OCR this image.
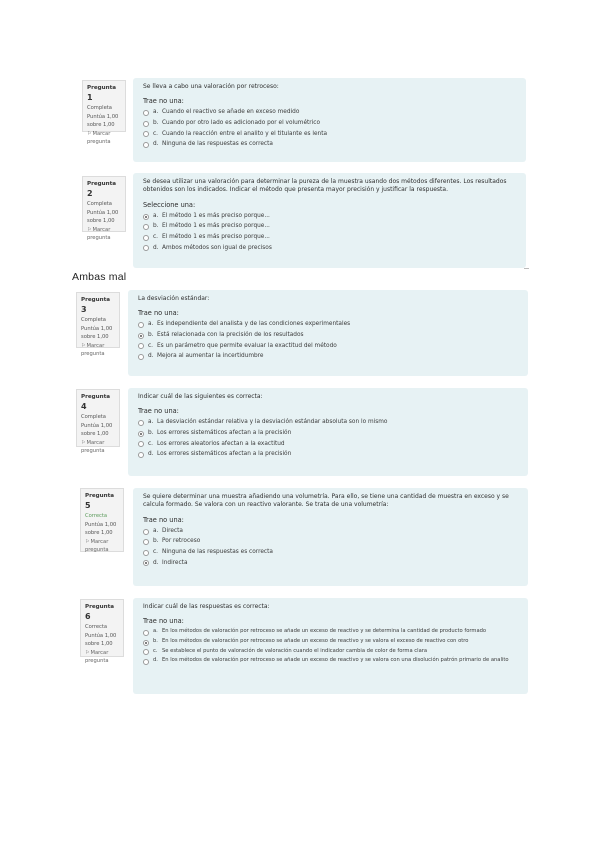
Pregunta 1
Completa
Puntúa 1,00 sobre 1,00
⚐ Marcar pregunta
Se lleva a cabo una valoración por retroceso:
Trae no una:
a. Cuando el reactivo se añade en exceso medido
b. Cuando por otro lado es adicionado por el volumétrico
c. Cuando la reacción entre el analito y el titulante es lenta
d. Ninguna de las respuestas es correcta
Pregunta 2
Completa
Puntúa 1,00 sobre 1,00
⚐ Marcar pregunta
Se desea utilizar una valoración para determinar la pureza de la muestra usando dos métodos diferentes. Los resultados obtenidos son los indicados. Indicar el método que presenta mayor precisión y justificar la respuesta.
Seleccione una:
a. El método 1 es más preciso porque...
b. El método 1 es más preciso porque...
c. El método 1 es más preciso porque...
d. Ambos métodos son igual de precisos
Ambas mal
Pregunta 3
Completa
Puntúa 1,00 sobre 1,00
⚐ Marcar pregunta
La desviación estándar:
Trae no una:
a. Es independiente del analista y de las condiciones experimentales
b. Está relacionada con la precisión de los resultados
c. Es un parámetro que permite evaluar la exactitud del método
d. Mejora al aumentar la incertidumbre
Pregunta 4
Completa
Puntúa 1,00 sobre 1,00
⚐ Marcar pregunta
Indicar cuál de las siguientes es correcta:
Trae no una:
a. La desviación estándar relativa y la desviación estándar absoluta son lo mismo
b. Los errores sistemáticos afectan a la precisión
c. Los errores aleatorios afectan a la exactitud
d. Los errores sistemáticos afectan a la precisión
Pregunta 5
Correcta
Puntúa 1,00 sobre 1,00
⚐ Marcar pregunta
Se quiere determinar una muestra añadiendo una volumetría. Para ello, se tiene una cantidad de muestra en exceso y se calcula formado. Se valora con un reactivo valorante. Se trata de una volumetría:
Trae no una:
a. Directa
b. Por retroceso
c. Ninguna de las respuestas es correcta
d. Indirecta
Pregunta 6
Correcta
Puntúa 1,00 sobre 1,00
⚐ Marcar pregunta
Indicar cuál de las respuestas es correcta:
Trae no una:
a. En los métodos de valoración por retroceso se añade un exceso de reactivo y se determina la cantidad de producto formado
b. En los métodos de valoración por retroceso se añade un exceso de reactivo y se valora el exceso de reactivo con otro
c. Se establece el punto de valoración de valoración cuando el indicador cambia de color de forma clara
d. En los métodos de valoración por retroceso se añade un exceso de reactivo y se valora con una disolución patrón primario de analito
